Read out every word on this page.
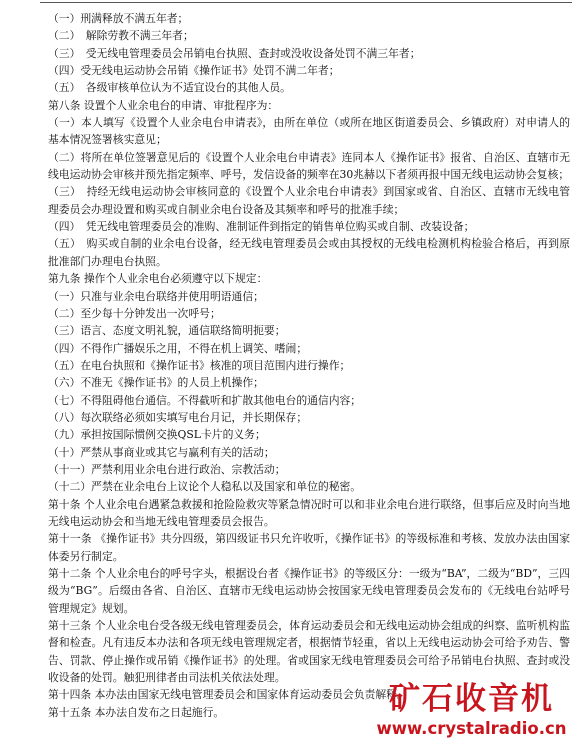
（一）刑满释放不满五年者；

（二）　解除劳教不满三年者；

（三）　受无线电管理委员会吊销电台执照、查封或没收设备处罚不满三年者；

（四）受无线电运动协会吊销《操作证书》处罚不满二年者；

（五）　各级审核单位认为不适宜设台的其他人员。

第八条 设置个人业余电台的申请、审批程序为：

（一）本人填写《设置个人业余电台申请表》，由所在单位（或所在地区街道委员会、乡镇政府）对申请人的基本情况签署核实意见；

（二）将所在单位签署意见后的《设置个人业余电台申请表》连同本人《操作证书》报省、自治区、直辖市无线电运动协会审核并预先指定频率、呼号，发信设备的频率在30兆赫以下者须再报中国无线电运动协会复核；

（三）　持经无线电运动协会审核同意的《设置个人业余电台申请表》到国家或省、自治区、直辖市无线电管理委员会办理设置和购买或自制业余电台设备及其频率和呼号的批准手续；

（四）　凭无线电管理委员会的准购、准制证件到指定的销售单位购买或自制、改装设备；

（五）　购买或自制的业余电台设备，经无线电管理委员会或由其授权的无线电检测机构检验合格后，再到原批准部门办理电台执照。

第九条 操作个人业余电台必须遵守以下规定：

（一）只准与业余电台联络并使用明语通信；

（二）至少每十分钟发出一次呼号；

（三）语言、态度文明礼貌，通信联络简明扼要；

（四）不得作广播娱乐之用，不得在机上调笑、嗜闹；

（五）在电台执照和《操作证书》核准的项目范围内进行操作；

（六）不准无《操作证书》的人员上机操作；

（七）不得阻碍他台通信。不得截听和扩散其他电台的通信内容；

（八）每次联络必须如实填写电台月记，并长期保存；

（九）承担按国际惯例交换QSL卡片的义务；

（十）严禁从事商业或其它与赢利有关的活动；

（十一）严禁利用业余电台进行政治、宗教活动；

（十二）严禁在业余电台上议论个人稳私以及国家和单位的秘密。

第十条 个人业余电台遇紧急救援和抢险险救灾等紧急情况时可以和非业余电台进行联络，但事后应及时向当地无线电运动协会和当地无线电管理委员会报告。

第十一条 《操作证书》共分四级，第四级证书只允许收听，《操作证书》的等级标准和考核、发放办法由国家体委另行制定。

第十二条 个人业余电台的呼号字头，根据设台者《操作证书》的等级区分：一级为“BA”，二级为“BD”，三四级为“BG”。后缀由各省、自治区、直辖市无线电运动协会按国家无线电管理委员会发布的《无线电台站呼号管理规定》规划。

第十三条 个人业余电台受各级无线电管理委员会，体育运动委员会和无线电运动协会组成的纠察、监听机构监督和检查。凡有违反本办法和各项无线电管理规定者，根据情节轻重，省以上无线电运动协会可给予劝告、警告、罚款、停止操作或吊销《操作证书》的处理。省或国家无线电管理委员会可给予吊销电台执照、查封或没收设备的处罚。触犯刑律者由司法机关依法处理。

第十四条 本办法由国家无线电管理委员会和国家体育运动委员会负责解释。

第十五条 本办法自发布之日起施行。	矿石收音机
www.crystalradio.cn
